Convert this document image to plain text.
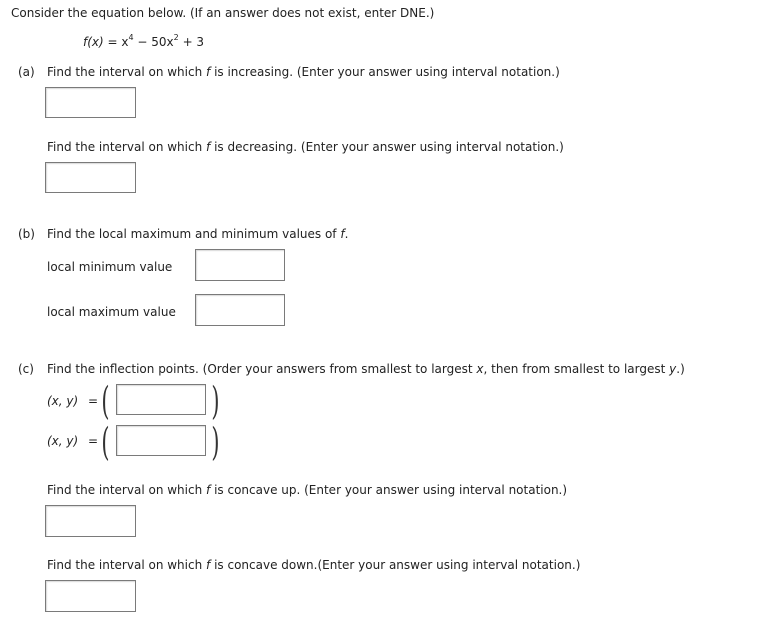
Consider the equation below. (If an answer does not exist, enter DNE.)
$f(x) = x^4 - 50x^2 + 3$
(a) Find the interval on which f is increasing. (Enter your answer using interval notation.)
Find the interval on which f is decreasing. (Enter your answer using interval notation.)
(b) Find the local maximum and minimum values of f.
local minimum value
local maximum value
(c) Find the inflection points. (Order your answers from smallest to largest x, then from smallest to largest y.)
(x, y) = (	)
(x, y) = (	)
Find the interval on which f is concave up. (Enter your answer using interval notation.)
Find the interval on which f is concave down.(Enter your answer using interval notation.)
